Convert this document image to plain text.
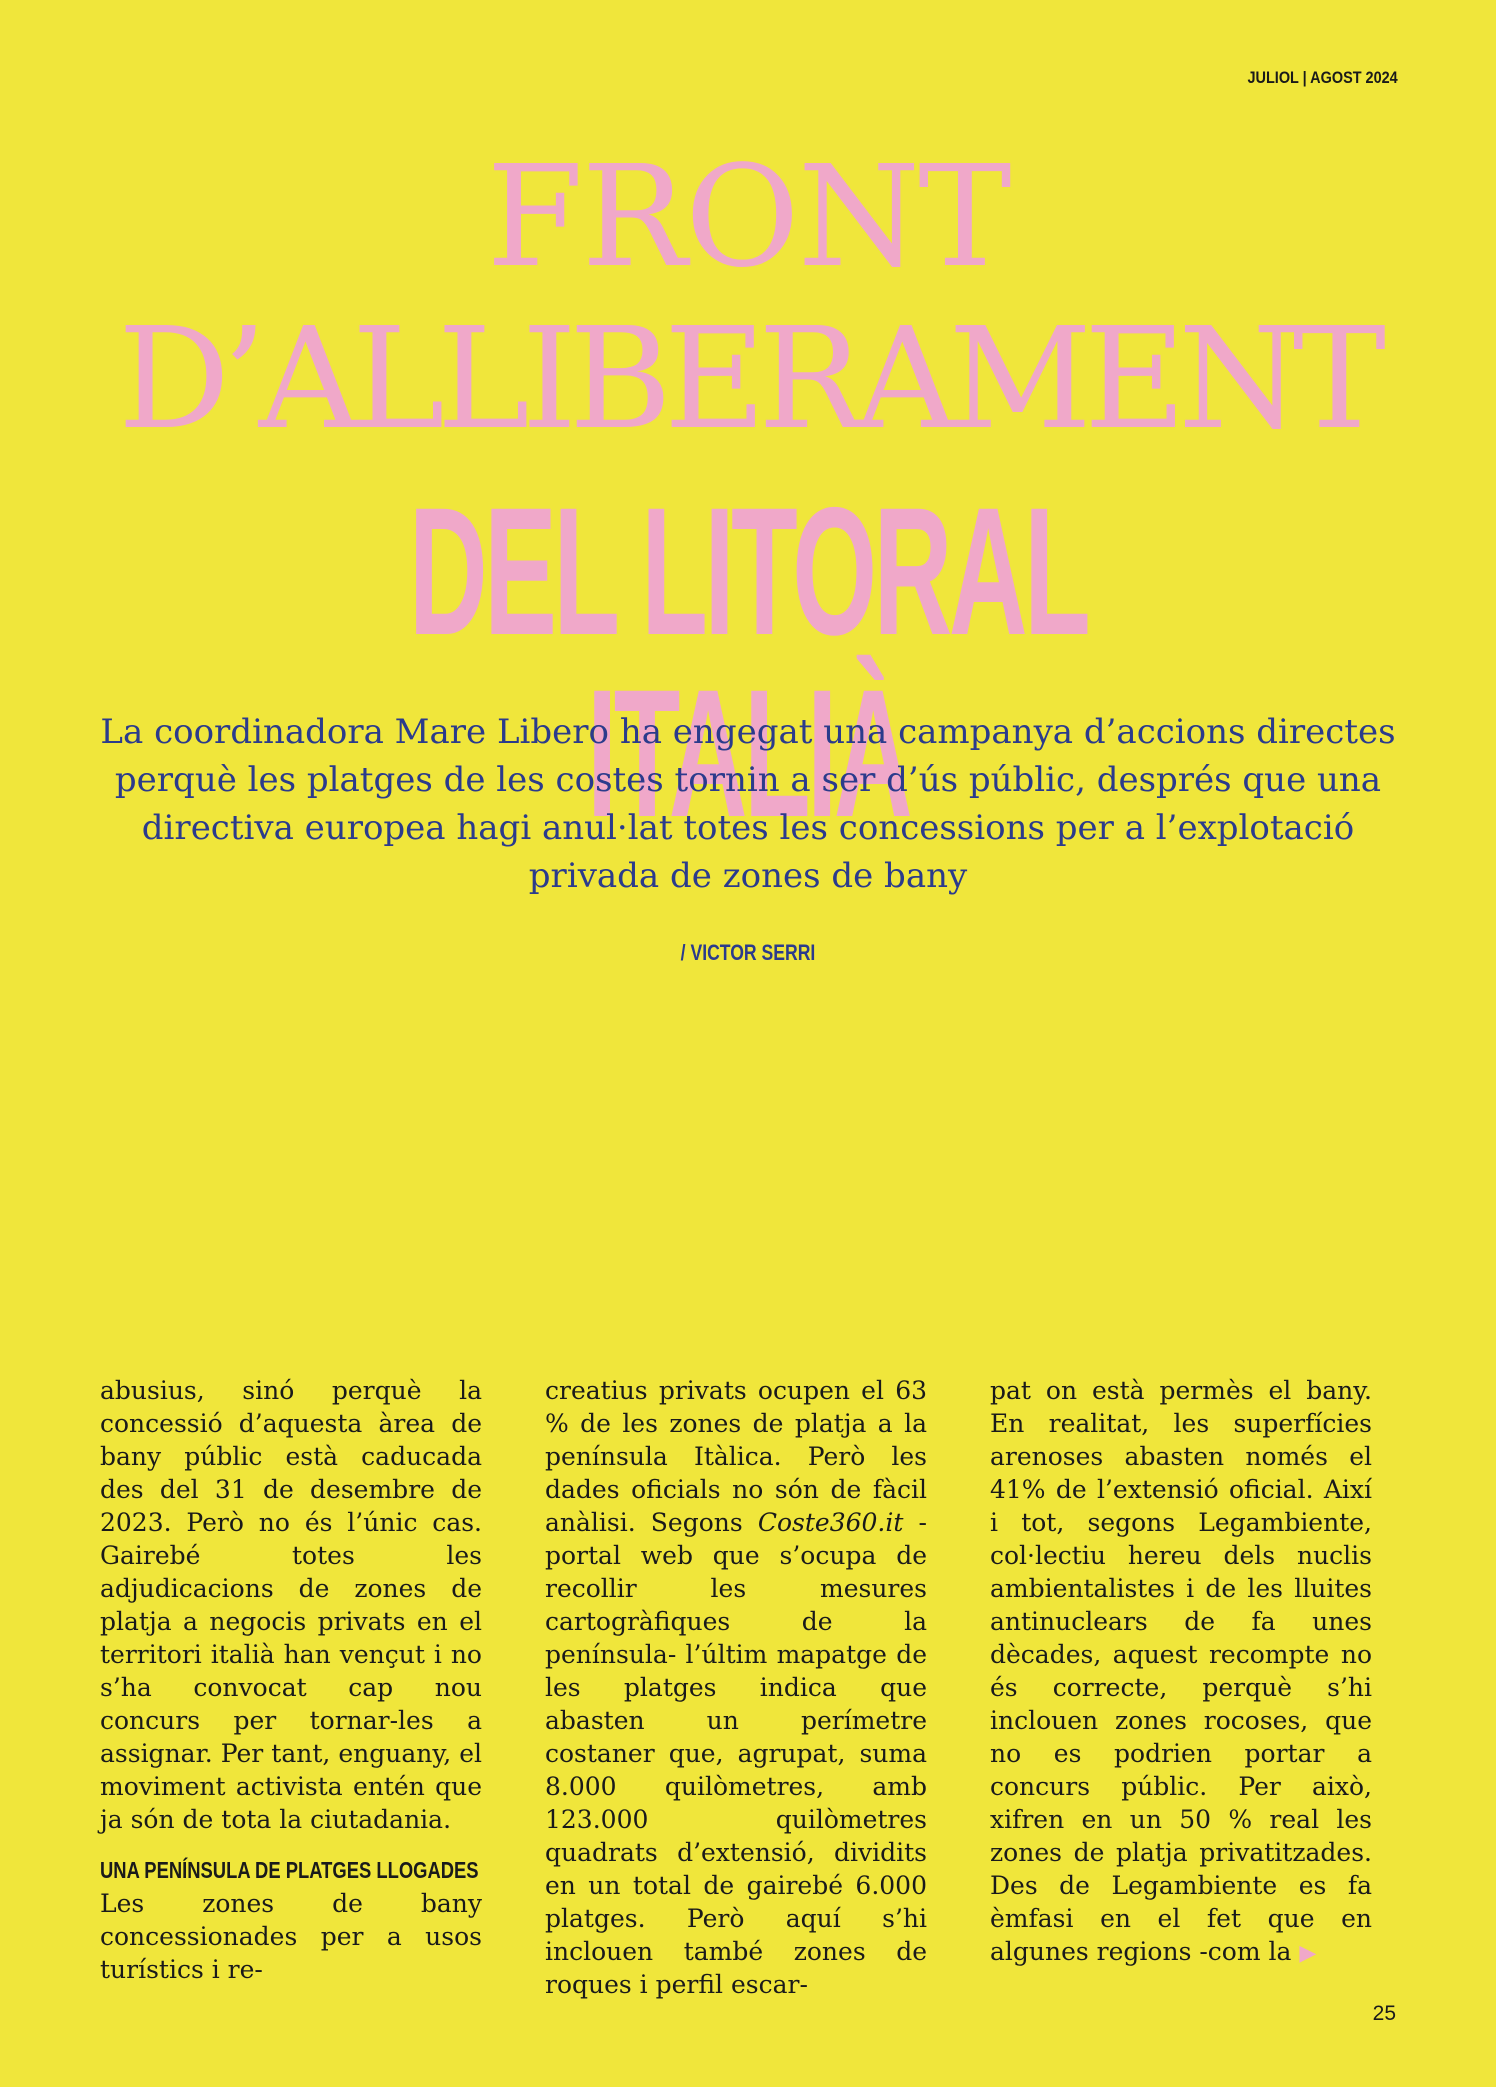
JULIOL | AGOST 2024
FRONT
D’ALLIBERAMENT
DEL LITORAL ITALIÀ
La coordinadora Mare Libero ha engegat una campanya d’accions directes perquè les platges de les costes tornin a ser d’ús públic, després que una directiva europea hagi anul·lat totes les concessions per a l’explotació privada de zones de bany
/ VICTOR SERRI
abusius, sinó perquè la concessió d’aquesta àrea de bany públic està caducada des del 31 de desembre de 2023. Però no és l’únic cas. Gairebé totes les adjudicacions de zones de platja a negocis privats en el territori italià han vençut i no s’ha convocat cap nou concurs per tornar-les a assignar. Per tant, enguany, el moviment activista entén que ja són de tota la ciutadania.
UNA PENÍNSULA DE PLATGES LLOGADES
Les zones de bany concessionades per a usos turístics i re-
creatius privats ocupen el 63 % de les zones de platja a la península Itàlica. Però les dades oficials no són de fàcil anàlisi. Segons Coste360.it -portal web que s’ocupa de recollir les mesures cartogràfiques de la península- l’últim mapatge de les platges indica que abasten un perímetre costaner que, agrupat, suma 8.000 quilòmetres, amb 123.000 quilòmetres quadrats d’extensió, dividits en un total de gairebé 6.000 platges. Però aquí s’hi inclouen també zones de roques i perfil escar-
pat on està permès el bany. En realitat, les superfícies arenoses abasten només el 41% de l’extensió oficial. Així i tot, segons Legambiente, col·lectiu hereu dels nuclis ambientalistes i de les lluites antinuclears de fa unes dècades, aquest recompte no és correcte, perquè s’hi inclouen zones rocoses, que no es podrien portar a concurs públic. Per això, xifren en un 50 % real les zones de platja privatitzades. Des de Legambiente es fa èmfasi en el fet que en algunes regions -com la ▶
25
